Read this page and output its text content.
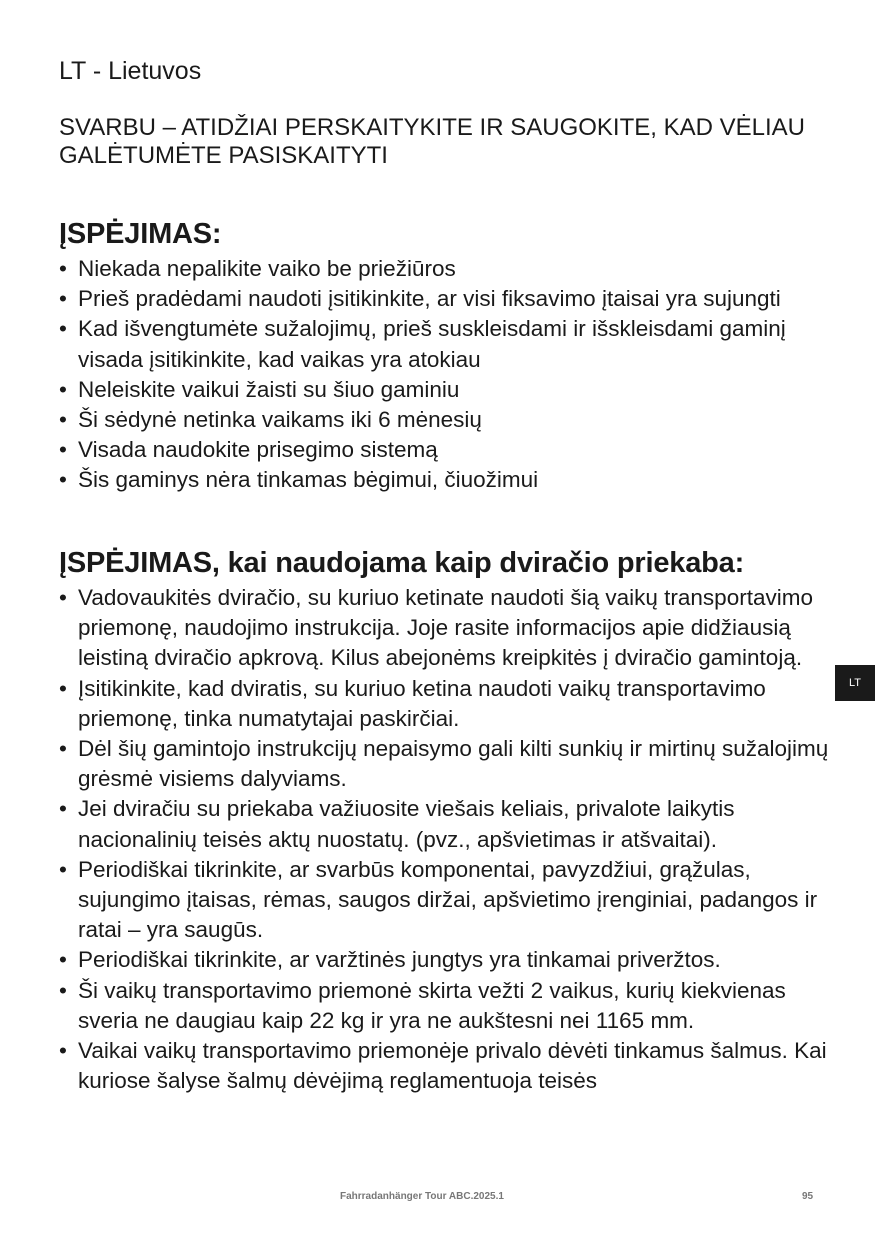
LT - Lietuvos

SVARBU – ATIDŽIAI PERSKAITYKITE IR SAUGOKITE, KAD VĖLIAU GALĖTUMĖTE PASISKAITYTI

ĮSPĖJIMAS:
• Niekada nepalikite vaiko be priežiūros
• Prieš pradėdami naudoti įsitikinkite, ar visi fiksavimo įtaisai yra sujungti
• Kad išvengtumėte sužalojimų, prieš suskleisdami ir išskleisdami gaminį visada įsitikinkite, kad vaikas yra atokiau
• Neleiskite vaikui žaisti su šiuo gaminiu
• Ši sėdynė netinka vaikams iki 6 mėnesių
• Visada naudokite prisegimo sistemą
• Šis gaminys nėra tinkamas bėgimui, čiuožimui
ĮSPĖJIMAS, kai naudojama kaip dviračio priekaba:
• Vadovaukitės dviračio, su kuriuo ketinate naudoti šią vaikų transportavimo priemonę, naudojimo instrukcija. Joje rasite informacijos apie didžiausią leistiną dviračio apkrovą. Kilus abejonėms kreipkitės į dviračio gamintoją.
• Įsitikinkite, kad dviratis, su kuriuo ketina naudoti vaikų transportavimo priemonę, tinka numatytajai paskirčiai.
• Dėl šių gamintojo instrukcijų nepaisymo gali kilti sunkių ir mirtinų sužalojimų grėsmė visiems dalyviams.
• Jei dviračiu su priekaba važiuosite viešais keliais, privalote laikytis nacionalinių teisės aktų nuostatų. (pvz., apšvietimas ir atšvaitai).
• Periodiškai tikrinkite, ar svarbūs komponentai, pavyzdžiui, grąžulas, sujungimo įtaisas, rėmas, saugos diržai, apšvietimo įrenginiai, padangos ir ratai – yra saugūs.
• Periodiškai tikrinkite, ar varžtinės jungtys yra tinkamai priveržtos.
• Ši vaikų transportavimo priemonė skirta vežti 2 vaikus, kurių kiekvienas sveria ne daugiau kaip 22 kg ir yra ne aukštesni nei 1165 mm.
• Vaikai vaikų transportavimo priemonėje privalo dėvėti tinkamus šalmus. Kai kuriose šalyse šalmų dėvėjimą reglamentuoja teisės
LT
Fahrradanhänger Tour ABC.2025.1	95
